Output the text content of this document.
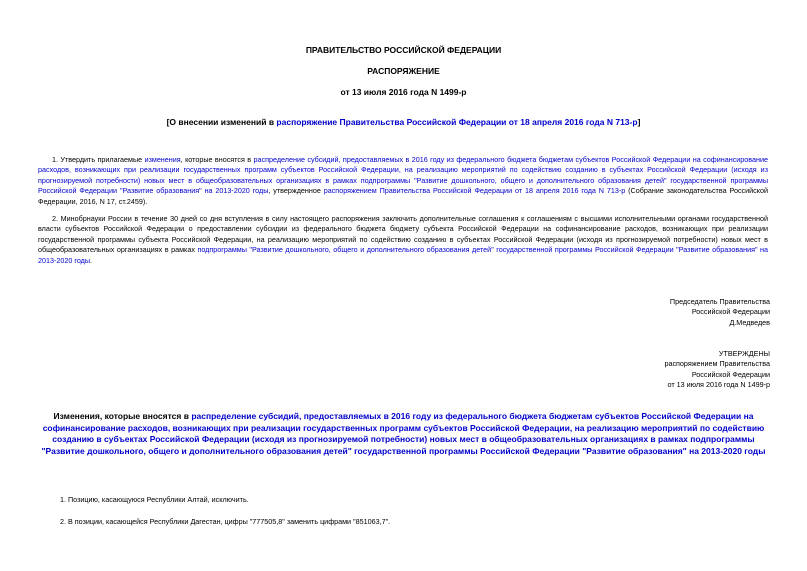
ПРАВИТЕЛЬСТВО РОССИЙСКОЙ ФЕДЕРАЦИИ
РАСПОРЯЖЕНИЕ
от 13 июля 2016 года N 1499-р
[О внесении изменений в распоряжение Правительства Российской Федерации от 18 апреля 2016 года N 713-р]
1. Утвердить прилагаемые изменения, которые вносятся в распределение субсидий, предоставляемых в 2016 году из федерального бюджета бюджетам субъектов Российской Федерации на софинансирование расходов, возникающих при реализации государственных программ субъектов Российской Федерации, на реализацию мероприятий по содействию созданию в субъектах Российской Федерации (исходя из прогнозируемой потребности) новых мест в общеобразовательных организациях в рамках подпрограммы "Развитие дошкольного, общего и дополнительного образования детей" государственной программы Российской Федерации "Развитие образования" на 2013-2020 годы, утвержденное распоряжением Правительства Российской Федерации от 18 апреля 2016 года N 713-р (Собрание законодательства Российской Федерации, 2016, N 17, ст.2459).
2. Минобрнауки России в течение 30 дней со дня вступления в силу настоящего распоряжения заключить дополнительные соглашения к соглашениям с высшими исполнительными органами государственной власти субъектов Российской Федерации о предоставлении субсидии из федерального бюджета бюджету субъекта Российской Федерации на софинансирование расходов, возникающих при реализации государственной программы субъекта Российской Федерации, на реализацию мероприятий по содействию созданию в субъектах Российской Федерации (исходя из прогнозируемой потребности) новых мест в общеобразовательных организациях в рамках подпрограммы "Развитие дошкольного, общего и дополнительного образования детей" государственной программы Российской Федерации "Развитие образования" на 2013-2020 годы.
Председатель Правительства
Российской Федерации
Д.Медведев
УТВЕРЖДЕНЫ
распоряжением Правительства
Российской Федерации
от 13 июля 2016 года N 1499-р
Изменения, которые вносятся в распределение субсидий, предоставляемых в 2016 году из федерального бюджета бюджетам субъектов Российской Федерации на софинансирование расходов, возникающих при реализации государственных программ субъектов Российской Федерации, на реализацию мероприятий по содействию созданию в субъектах Российской Федерации (исходя из прогнозируемой потребности) новых мест в общеобразовательных организациях в рамках подпрограммы "Развитие дошкольного, общего и дополнительного образования детей" государственной программы Российской Федерации "Развитие образования" на 2013-2020 годы
1. Позицию, касающуюся Республики Алтай, исключить.
2. В позиции, касающейся Республики Дагестан, цифры "777505,8" заменить цифрами "851063,7".
